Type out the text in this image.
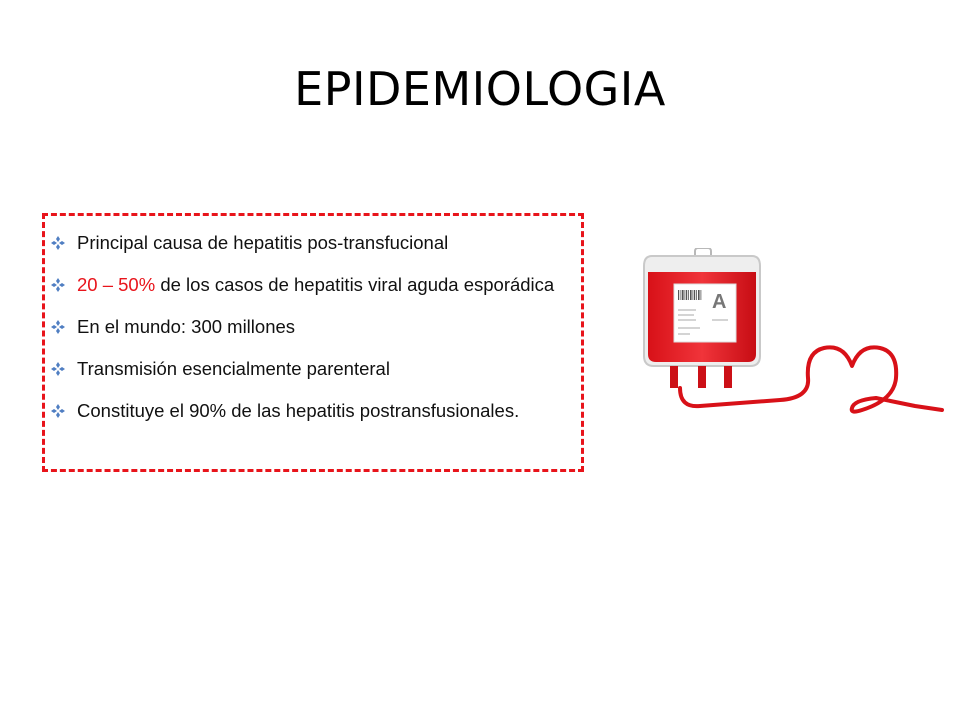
EPIDEMIOLOGIA
Principal causa de hepatitis pos-transfucional
20 – 50% de los casos de hepatitis viral aguda esporádica
En el mundo: 300 millones
Transmisión esencialmente parenteral
Constituye el 90% de las hepatitis postransfusionales.
A
